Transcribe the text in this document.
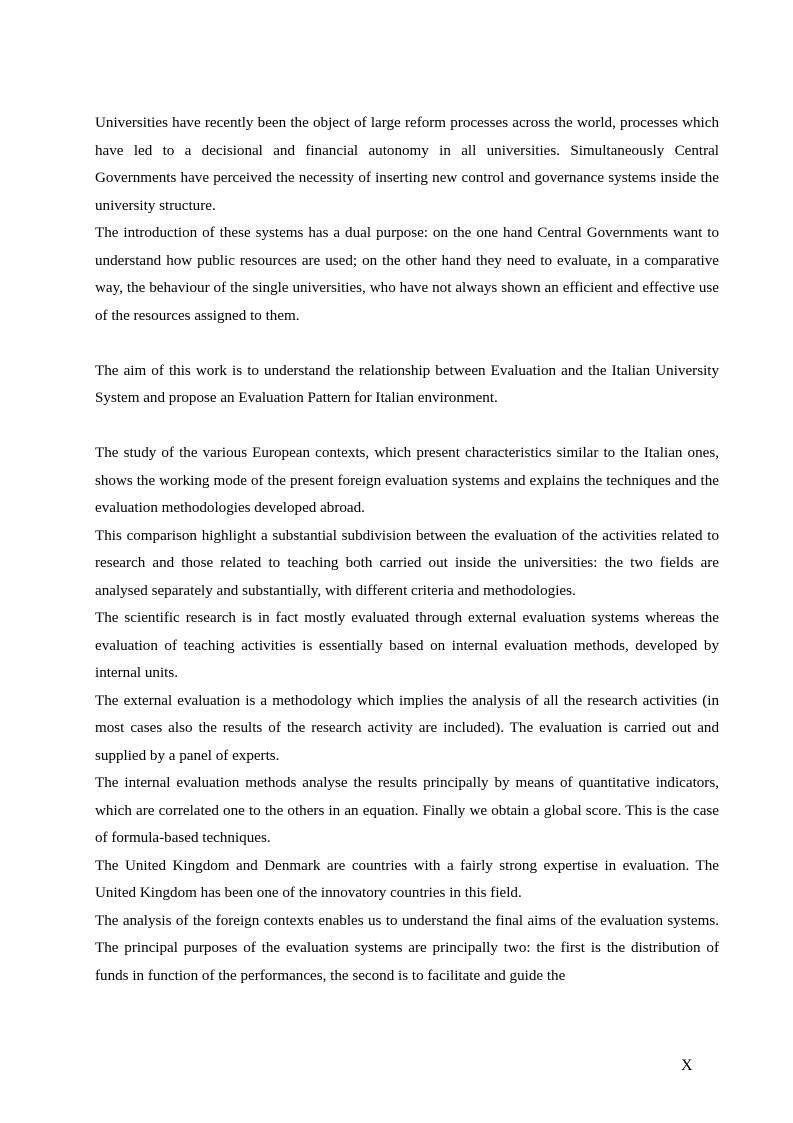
Universities have recently been the object of large reform processes across the world, processes which have led to a decisional and financial autonomy in all universities. Simultaneously Central Governments have perceived the necessity of inserting new control and governance systems inside the university structure.

The introduction of these systems has a dual purpose: on the one hand Central Governments want to understand how public resources are used; on the other hand they need to evaluate, in a comparative way, the behaviour of the single universities, who have not always shown an efficient and effective use of the resources assigned to them.

The aim of this work is to understand the relationship between Evaluation and the Italian University System and propose an Evaluation Pattern for Italian environment.

The study of the various European contexts, which present characteristics similar to the Italian ones, shows the working mode of the present foreign evaluation systems and explains the techniques and the evaluation methodologies developed abroad.

This comparison highlight a substantial subdivision between the evaluation of the activities related to research and those related to teaching both carried out inside the universities: the two fields are analysed separately and substantially, with different criteria and methodologies.

The scientific research is in fact mostly evaluated through external evaluation systems whereas the evaluation of teaching activities is essentially based on internal evaluation methods, developed by internal units.

The external evaluation is a methodology which implies the analysis of all the research activities (in most cases also the results of the research activity are included). The evaluation is carried out and supplied by a panel of experts.

The internal evaluation methods analyse the results principally by means of quantitative indicators, which are correlated one to the others in an equation. Finally we obtain a global score. This is the case of formula-based techniques.

The United Kingdom and Denmark are countries with a fairly strong expertise in evaluation. The United Kingdom has been one of the innovatory countries in this field.

The analysis of the foreign contexts enables us to understand the final aims of the evaluation systems. The principal purposes of the evaluation systems are principally two: the first is the distribution of funds in function of the performances, the second is to facilitate and guide the

X
